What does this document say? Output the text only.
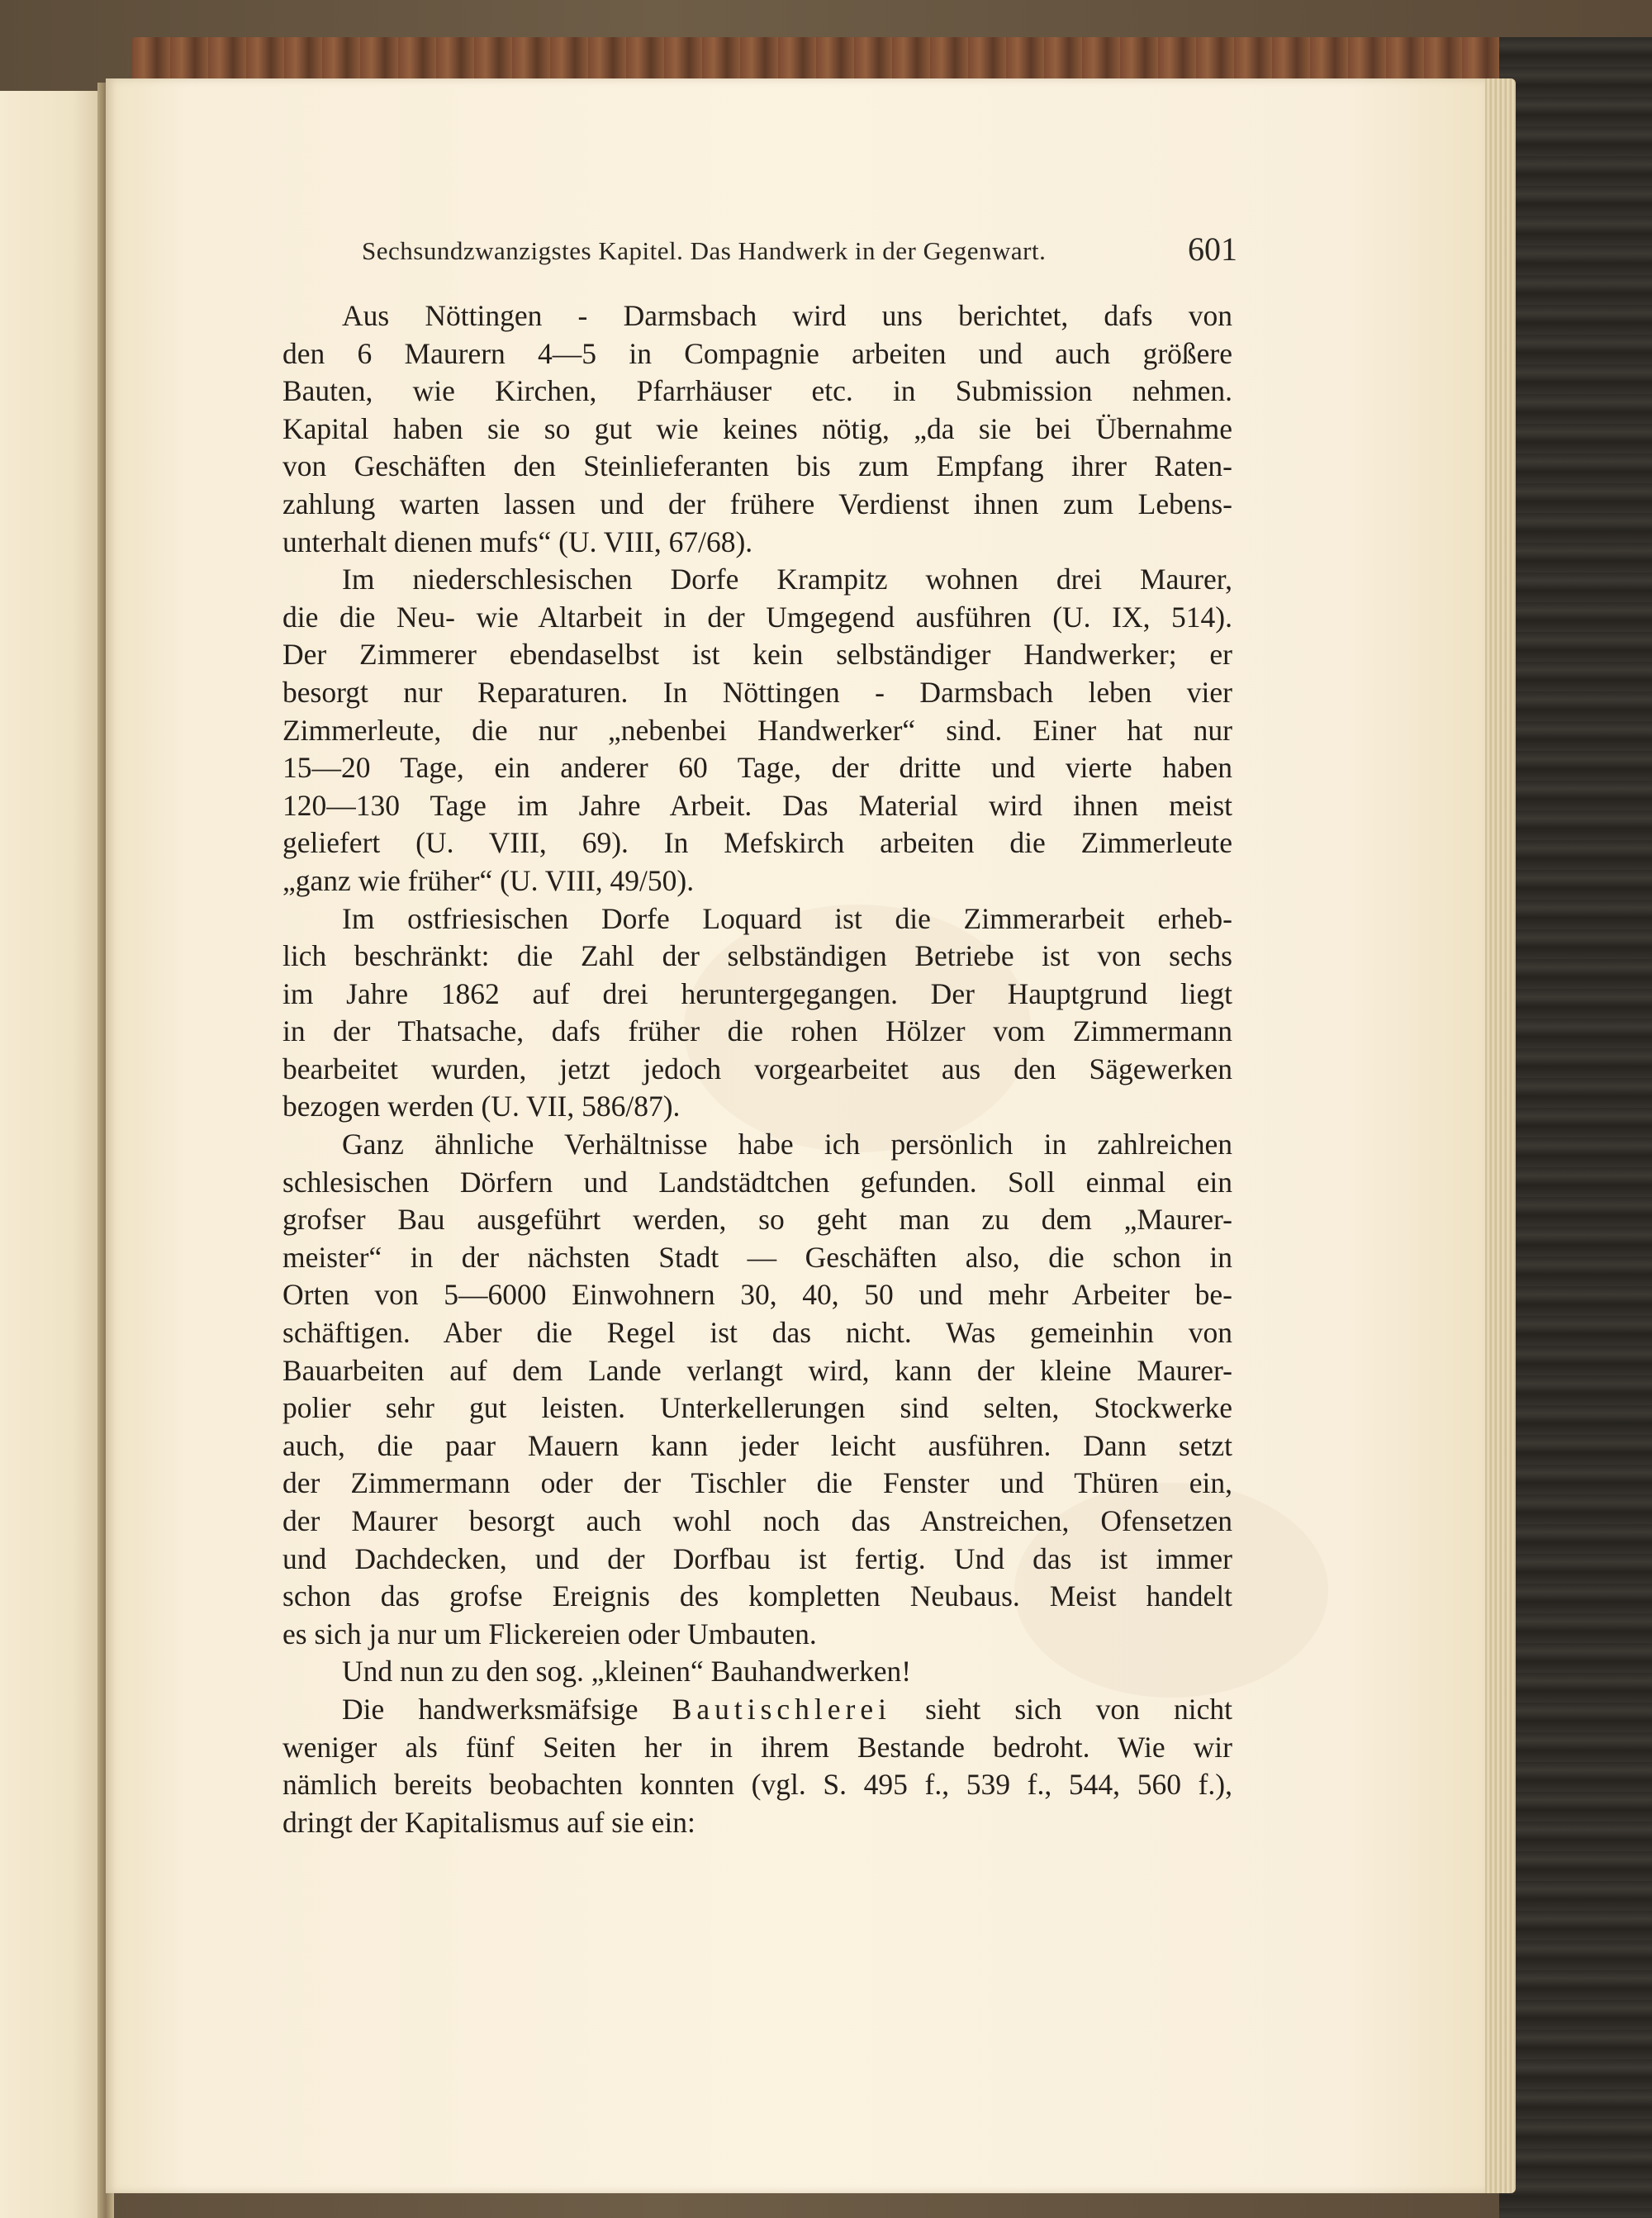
Sechsundzwanzigstes Kapitel. Das Handwerk in der Gegenwart.	601
Aus Nöttingen - Darmsbach wird uns berichtet, dafs von
den 6 Maurern 4—5 in Compagnie arbeiten und auch größere
Bauten, wie Kirchen, Pfarrhäuser etc. in Submission nehmen.
Kapital haben sie so gut wie keines nötig, „da sie bei Übernahme
von Geschäften den Steinlieferanten bis zum Empfang ihrer Raten-
zahlung warten lassen und der frühere Verdienst ihnen zum Lebens-
unterhalt dienen mufs“ (U. VIII, 67/68).
Im niederschlesischen Dorfe Krampitz wohnen drei Maurer,
die die Neu- wie Altarbeit in der Umgegend ausführen (U. IX, 514).
Der Zimmerer ebendaselbst ist kein selbständiger Handwerker; er
besorgt nur Reparaturen. In Nöttingen - Darmsbach leben vier
Zimmerleute, die nur „nebenbei Handwerker“ sind. Einer hat nur
15—20 Tage, ein anderer 60 Tage, der dritte und vierte haben
120—130 Tage im Jahre Arbeit. Das Material wird ihnen meist
geliefert (U. VIII, 69). In Mefskirch arbeiten die Zimmerleute
„ganz wie früher“ (U. VIII, 49/50).
Im ostfriesischen Dorfe Loquard ist die Zimmerarbeit erheb-
lich beschränkt: die Zahl der selbständigen Betriebe ist von sechs
im Jahre 1862 auf drei heruntergegangen. Der Hauptgrund liegt
in der Thatsache, dafs früher die rohen Hölzer vom Zimmermann
bearbeitet wurden, jetzt jedoch vorgearbeitet aus den Sägewerken
bezogen werden (U. VII, 586/87).
Ganz ähnliche Verhältnisse habe ich persönlich in zahlreichen
schlesischen Dörfern und Landstädtchen gefunden. Soll einmal ein
grofser Bau ausgeführt werden, so geht man zu dem „Maurer-
meister“ in der nächsten Stadt — Geschäften also, die schon in
Orten von 5—6000 Einwohnern 30, 40, 50 und mehr Arbeiter be-
schäftigen. Aber die Regel ist das nicht. Was gemeinhin von
Bauarbeiten auf dem Lande verlangt wird, kann der kleine Maurer-
polier sehr gut leisten. Unterkellerungen sind selten, Stockwerke
auch, die paar Mauern kann jeder leicht ausführen. Dann setzt
der Zimmermann oder der Tischler die Fenster und Thüren ein,
der Maurer besorgt auch wohl noch das Anstreichen, Ofensetzen
und Dachdecken, und der Dorfbau ist fertig. Und das ist immer
schon das grofse Ereignis des kompletten Neubaus. Meist handelt
es sich ja nur um Flickereien oder Umbauten.
Und nun zu den sog. „kleinen“ Bauhandwerken!
Die handwerksmäfsige Bautischlerei sieht sich von nicht
weniger als fünf Seiten her in ihrem Bestande bedroht. Wie wir
nämlich bereits beobachten konnten (vgl. S. 495 f., 539 f., 544, 560 f.),
dringt der Kapitalismus auf sie ein:
